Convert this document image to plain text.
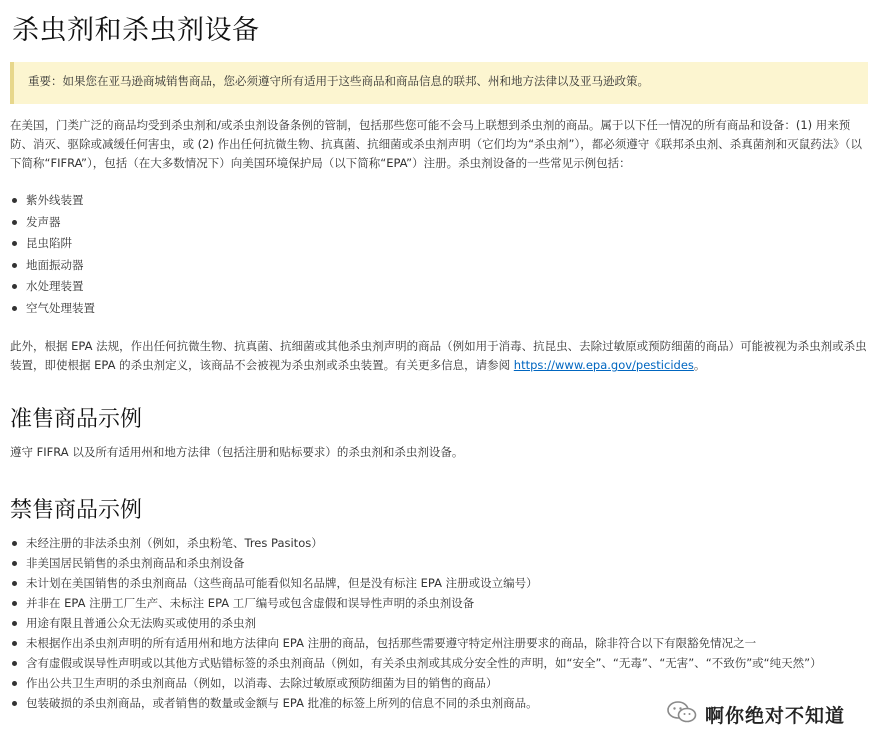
杀虫剂和杀虫剂设备
重要：如果您在亚马逊商城销售商品，您必须遵守所有适用于这些商品和商品信息的联邦、州和地方法律以及亚马逊政策。

在美国，门类广泛的商品均受到杀虫剂和/或杀虫剂设备条例的管制，包括那些您可能不会马上联想到杀虫剂的商品。属于以下任一情况的所有商品和设备：(1) 用来预防、消灭、驱除或减缓任何害虫，或 (2) 作出任何抗微生物、抗真菌、抗细菌或杀虫剂声明（它们均为“杀虫剂”），都必须遵守《联邦杀虫剂、杀真菌剂和灭鼠药法》（以下简称“FIFRA”），包括（在大多数情况下）向美国环境保护局（以下简称“EPA”）注册。杀虫剂设备的一些常见示例包括：

紫外线装置
发声器
昆虫陷阱
地面振动器
水处理装置
空气处理装置

此外，根据 EPA 法规，作出任何抗微生物、抗真菌、抗细菌或其他杀虫剂声明的商品（例如用于消毒、抗昆虫、去除过敏原或预防细菌的商品）可能被视为杀虫剂或杀虫装置，即使根据 EPA 的杀虫剂定义，该商品不会被视为杀虫剂或杀虫装置。有关更多信息，请参阅 https://www.epa.gov/pesticides。

准售商品示例

遵守 FIFRA 以及所有适用州和地方法律（包括注册和贴标要求）的杀虫剂和杀虫剂设备。

禁售商品示例
未经注册的非法杀虫剂（例如，杀虫粉笔、Tres Pasitos）
非美国居民销售的杀虫剂商品和杀虫剂设备
未计划在美国销售的杀虫剂商品（这些商品可能看似知名品牌，但是没有标注 EPA 注册或设立编号）
并非在 EPA 注册工厂生产、未标注 EPA 工厂编号或包含虚假和误导性声明的杀虫剂设备
用途有限且普通公众无法购买或使用的杀虫剂
未根据作出杀虫剂声明的所有适用州和地方法律向 EPA 注册的商品，包括那些需要遵守特定州注册要求的商品，除非符合以下有限豁免情况之一
含有虚假或误导性声明或以其他方式贴错标签的杀虫剂商品（例如，有关杀虫剂或其成分安全性的声明，如“安全”、“无毒”、“无害”、“不致伤”或“纯天然”）
作出公共卫生声明的杀虫剂商品（例如，以消毒、去除过敏原或预防细菌为目的销售的商品）
包装破损的杀虫剂商品，或者销售的数量或金额与 EPA 批准的标签上所列的信息不同的杀虫剂商品。
啊你绝对不知道
